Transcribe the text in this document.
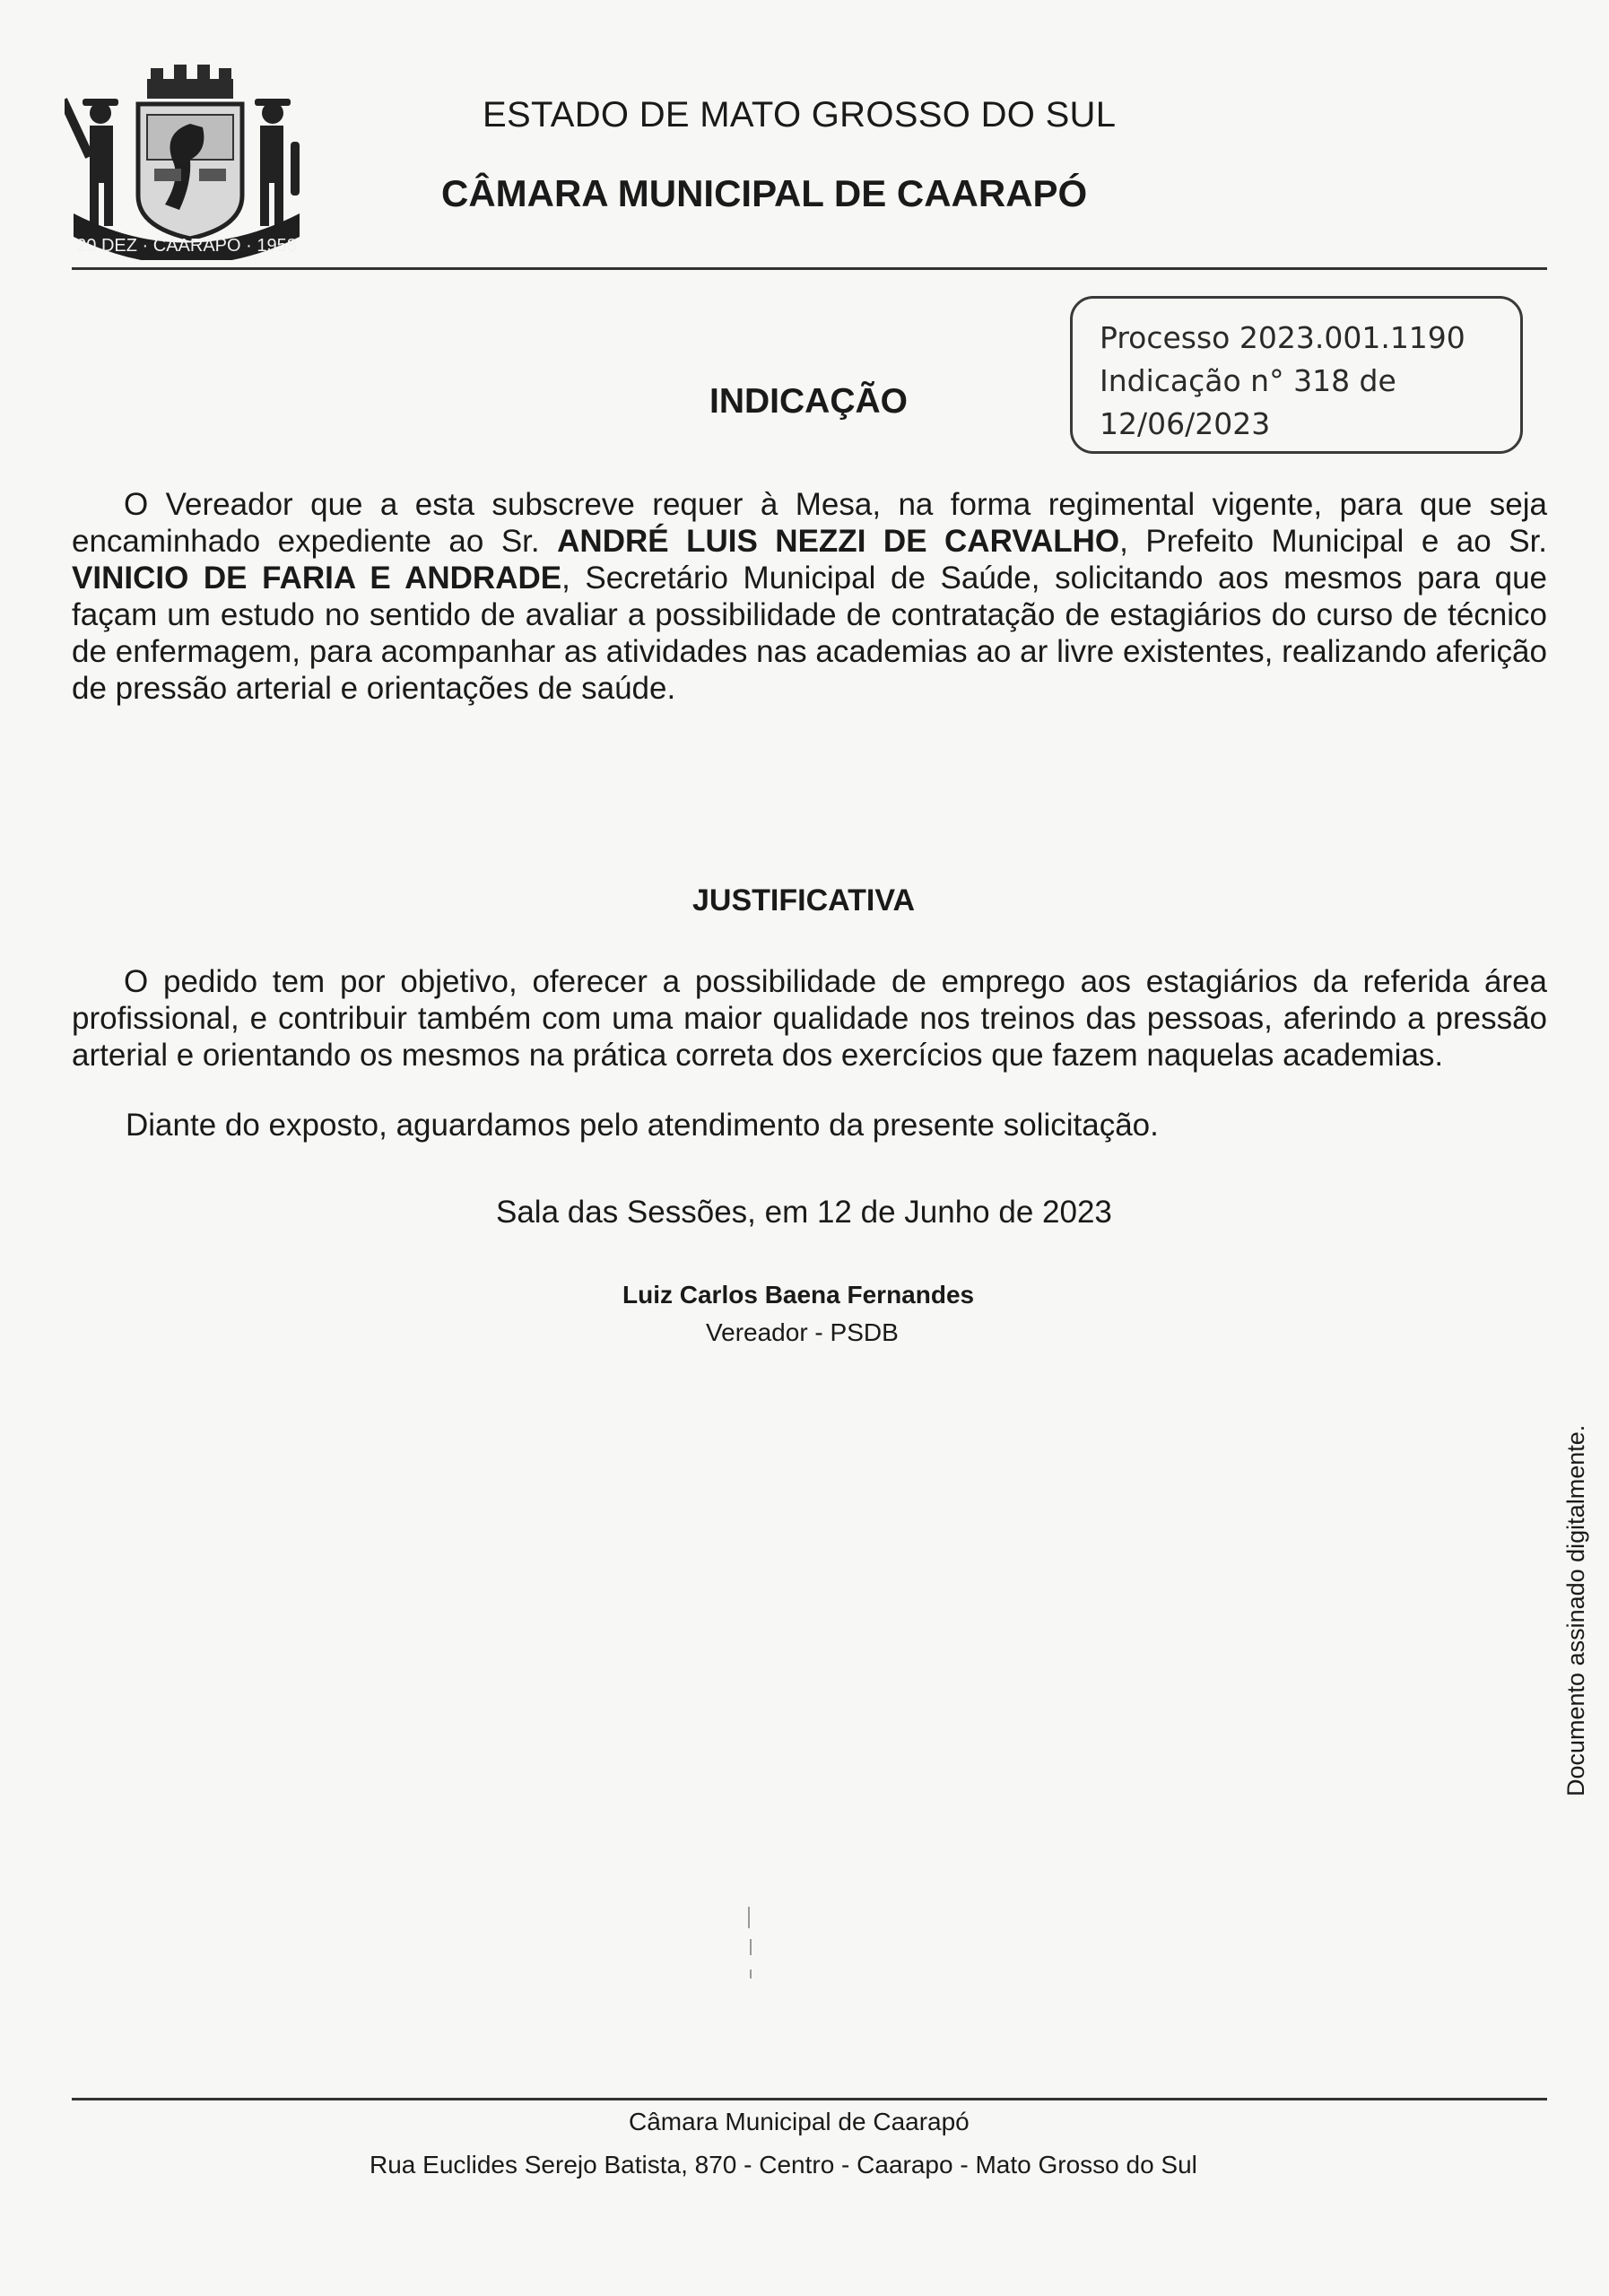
20 DEZ · CAARAPÓ · 1958
ESTADO DE MATO GROSSO DO SUL
CÂMARA MUNICIPAL DE CAARAPÓ
Processo 2023.001.1190
Indicação n° 318 de
12/06/2023
INDICAÇÃO
O Vereador que a esta subscreve requer à Mesa, na forma regimental vigente, para que seja encaminhado expediente ao Sr. ANDRÉ LUIS NEZZI DE CARVALHO, Prefeito Municipal e ao Sr. VINICIO DE FARIA E ANDRADE, Secretário Municipal de Saúde, solicitando aos mesmos para que façam um estudo no sentido de avaliar a possibilidade de contratação de estagiários do curso de técnico de enfermagem, para acompanhar as atividades nas academias ao ar livre existentes, realizando aferição de pressão arterial e orientações de saúde.
JUSTIFICATIVA
O pedido tem por objetivo, oferecer a possibilidade de emprego aos estagiários da referida área profissional, e contribuir também com uma maior qualidade nos treinos das pessoas, aferindo a pressão arterial e orientando os mesmos na prática correta dos exercícios que fazem naquelas academias.
Diante do exposto, aguardamos pelo atendimento da presente solicitação.
Sala das Sessões, em 12 de Junho de 2023
Luiz Carlos Baena Fernandes
Vereador - PSDB
Documento assinado digitalmente.
Câmara Municipal de Caarapó
Rua Euclides Serejo Batista, 870 - Centro - Caarapo - Mato Grosso do Sul
